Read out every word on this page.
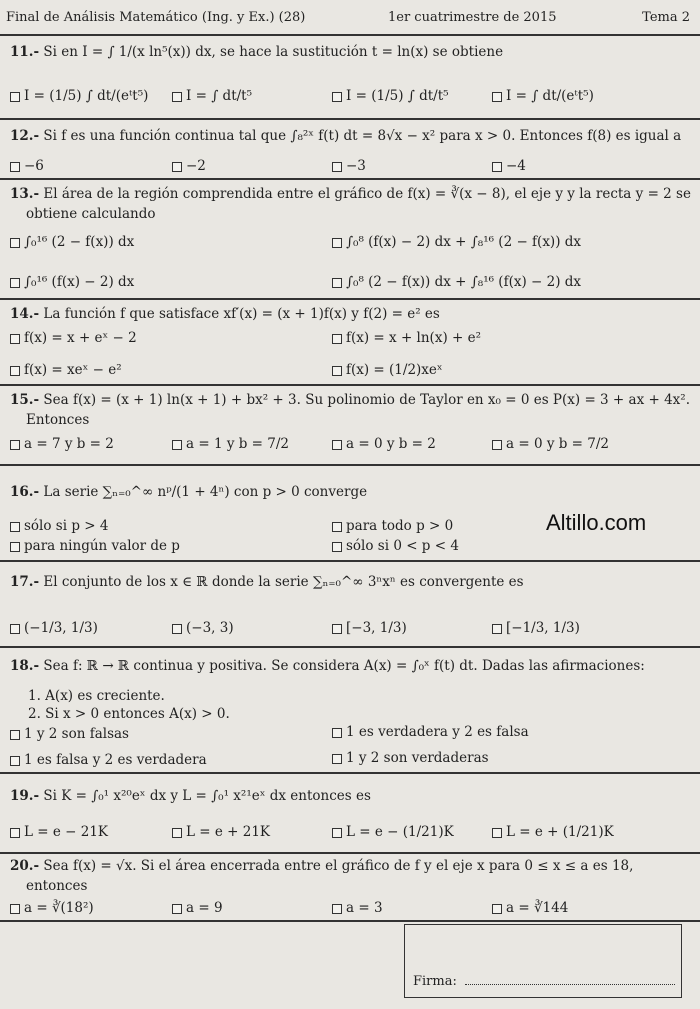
Final de Análisis Matemático (Ing. y Ex.) (28)	1er cuatrimestre de 2015	Tema 2
11.- Si en I = ∫ 1/(x ln⁵(x)) dx, se hace la sustitución t = ln(x) se obtiene
I = (1/5) ∫ dt/(eᵗt⁵)	I = ∫ dt/t⁵	I = (1/5) ∫ dt/t⁵	I = ∫ dt/(eᵗt⁵)
12.- Si f es una función continua tal que ∫₈²ˣ f(t) dt = 8√x − x² para x > 0. Entonces f(8) es igual a
−6	−2	−3	−4
13.- El área de la región comprendida entre el gráfico de f(x) = ∛(x − 8), el eje y y la recta y = 2 se
obtiene calculando
∫₀¹⁶ (2 − f(x)) dx	∫₀⁸ (f(x) − 2) dx + ∫₈¹⁶ (2 − f(x)) dx
∫₀¹⁶ (f(x) − 2) dx	∫₀⁸ (2 − f(x)) dx + ∫₈¹⁶ (f(x) − 2) dx
14.- La función f que satisface xf′(x) = (x + 1)f(x) y f(2) = e² es
f(x) = x + eˣ − 2	f(x) = x + ln(x) + e²
f(x) = xeˣ − e²	f(x) = (1/2)xeˣ
15.- Sea f(x) = (x + 1) ln(x + 1) + bx² + 3. Su polinomio de Taylor en x₀ = 0 es P(x) = 3 + ax + 4x².
Entonces
a = 7 y b = 2	a = 1 y b = 7/2	a = 0 y b = 2	a = 0 y b = 7/2
16.- La serie ∑ₙ₌₀^∞ nᵖ/(1 + 4ⁿ) con p > 0 converge
sólo si p > 4	para todo p > 0
para ningún valor de p	sólo si 0 < p < 4
17.- El conjunto de los x ∈ ℝ donde la serie ∑ₙ₌₀^∞ 3ⁿxⁿ es convergente es
(−1/3, 1/3)	(−3, 3)	[−3, 1/3)	[−1/3, 1/3)
18.- Sea f: ℝ → ℝ continua y positiva. Se considera A(x) = ∫₀ˣ f(t) dt. Dadas las afirmaciones:
1. A(x) es creciente.
2. Si x > 0 entonces A(x) > 0.
1 y 2 son falsas	1 es verdadera y 2 es falsa
1 es falsa y 2 es verdadera	1 y 2 son verdaderas
19.- Si K = ∫₀¹ x²⁰eˣ dx y L = ∫₀¹ x²¹eˣ dx entonces es
L = e − 21K	L = e + 21K	L = e − (1/21)K	L = e + (1/21)K
20.- Sea f(x) = √x. Si el área encerrada entre el gráfico de f y el eje x para 0 ≤ x ≤ a es 18,
entonces
a = ∛(18²)	a = 9	a = 3	a = ∛144
Altillo.com
Firma:
